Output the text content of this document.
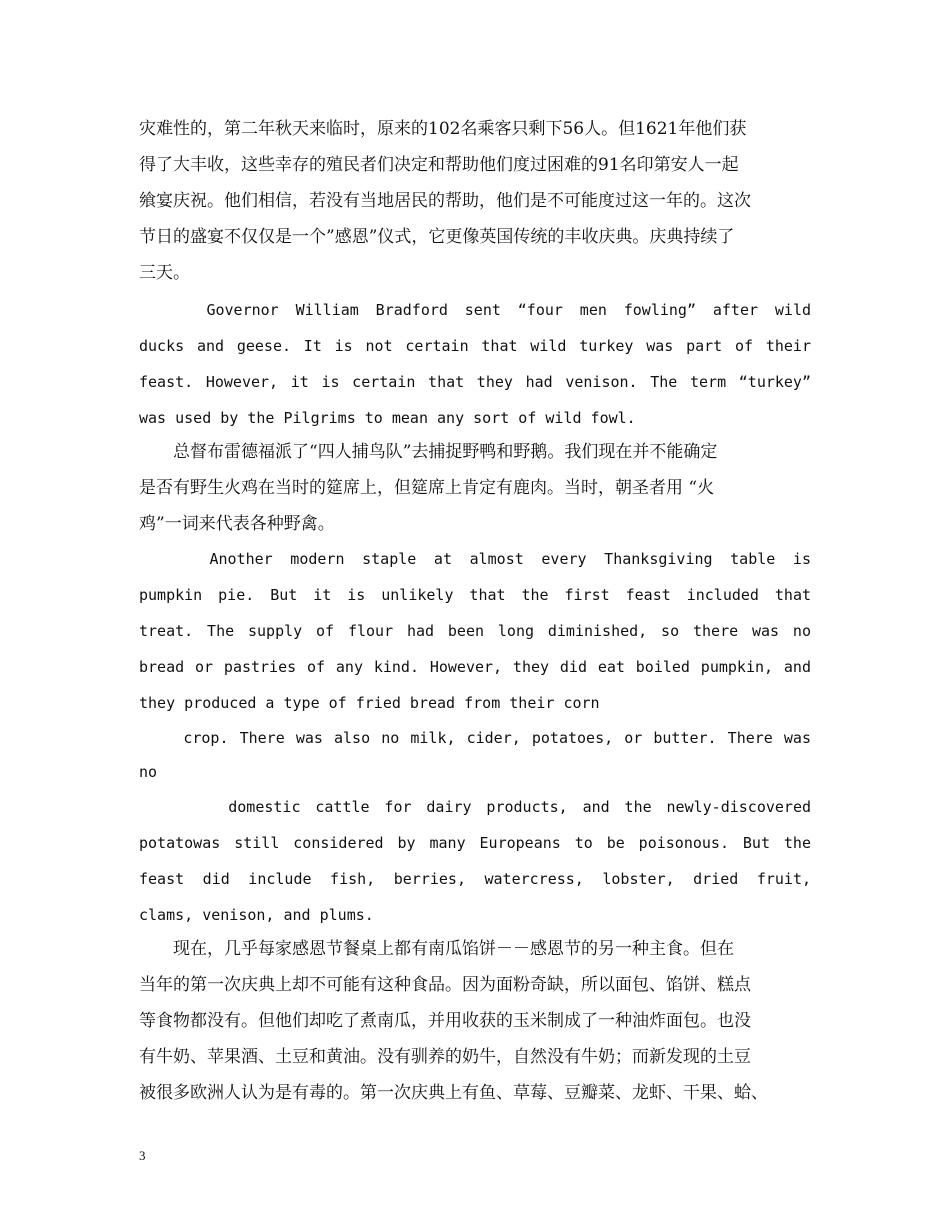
灾难性的，第二年秋天来临时，原来的102名乘客只剩下56人。但1621年他们获
得了大丰收，这些幸存的殖民者们决定和帮助他们度过困难的91名印第安人一起
飨宴庆祝。他们相信，若没有当地居民的帮助，他们是不可能度过这一年的。这次
节日的盛宴不仅仅是一个”感恩”仪式，它更像英国传统的丰收庆典。庆典持续了
三天。
Governor William Bradford sent “four men fowling” after wild
ducks and geese. It is not certain that wild turkey was part of their
feast. However, it is certain that they had venison. The term “turkey”
was used by the Pilgrims to mean any sort of wild fowl.
　　总督布雷德福派了“四人捕鸟队”去捕捉野鸭和野鹅。我们现在并不能确定
是否有野生火鸡在当时的筵席上，但筵席上肯定有鹿肉。当时，朝圣者用 “火
鸡”一词来代表各种野禽。
Another modern staple at almost every Thanksgiving table is
pumpkin pie. But it is unlikely that the first feast included that
treat. The supply of flour had been long diminished, so there was no
bread or pastries of any kind. However, they did eat boiled pumpkin, and
they produced a type of fried bread from their corn
crop. There was also no milk, cider, potatoes, or butter. There was
no
domestic cattle for dairy products, and the newly-discovered
potatowas still considered by many Europeans to be poisonous. But the
feast did include fish, berries, watercress, lobster, dried fruit,
clams, venison, and plums.
　　现在，几乎每家感恩节餐桌上都有南瓜馅饼－－感恩节的另一种主食。但在
当年的第一次庆典上却不可能有这种食品。因为面粉奇缺，所以面包、馅饼、糕点
等食物都没有。但他们却吃了煮南瓜，并用收获的玉米制成了一种油炸面包。也没
有牛奶、苹果酒、土豆和黄油。没有驯养的奶牛，自然没有牛奶；而新发现的土豆
被很多欧洲人认为是有毒的。第一次庆典上有鱼、草莓、豆瓣菜、龙虾、干果、蛤、
3
